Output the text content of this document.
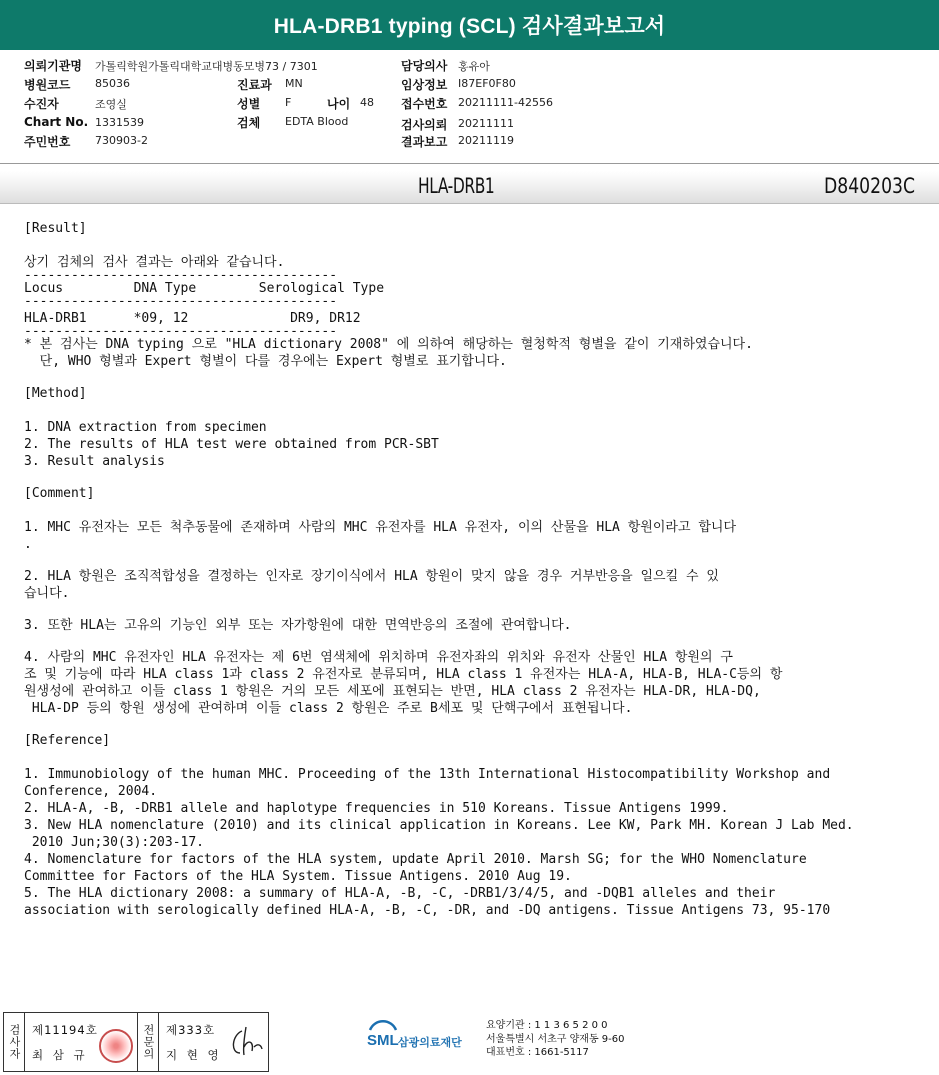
HLA-DRB1 typing (SCL) 검사결과보고서
의뢰기관명 가톨릭학원가톨릭대학교대병동모병73 / 7301
병원코드 85036
수진자	조영실
Chart No. 1331539
주민번호 730903-2
진료과 MN
성별 F	나이 48
검체 EDTA Blood
담당의사 홍유아
임상정보 I87EF0F80
접수번호 20211111-42556
검사의뢰 20211111
결과보고 20211119
HLA-DRB1	D840203C
[Result]
상기 검체의 검사 결과는 아래와 같습니다.
----------------------------------------
Locus         DNA Type        Serological Type
----------------------------------------
HLA-DRB1      *09, 12             DR9, DR12
----------------------------------------
* 본 검사는 DNA typing 으로 "HLA dictionary 2008" 에 의하여 해당하는 혈청학적 형별을 같이 기재하였습니다.
단, WHO 형별과 Expert 형별이 다를 경우에는 Expert 형별로 표기합니다.
[Method]
1. DNA extraction from specimen
2. The results of HLA test were obtained from PCR-SBT
3. Result analysis
[Comment]
1. MHC 유전자는 모든 척추동물에 존재하며 사람의 MHC 유전자를 HLA 유전자, 이의 산물을 HLA 항원이라고 합니다
.
2. HLA 항원은 조직적합성을 결정하는 인자로 장기이식에서 HLA 항원이 맞지 않을 경우 거부반응을 일으킬 수 있
습니다.
3. 또한 HLA는 고유의 기능인 외부 또는 자가항원에 대한 면역반응의 조절에 관여합니다.
4. 사람의 MHC 유전자인 HLA 유전자는 제 6번 염색체에 위치하며 유전자좌의 위치와 유전자 산물인 HLA 항원의 구
조 및 기능에 따라 HLA class 1과 class 2 유전자로 분류되며, HLA class 1 유전자는 HLA-A, HLA-B, HLA-C등의 항
원생성에 관여하고 이들 class 1 항원은 거의 모든 세포에 표현되는 반면, HLA class 2 유전자는 HLA-DR, HLA-DQ,
HLA-DP 등의 항원 생성에 관여하며 이들 class 2 항원은 주로 B세포 및 단핵구에서 표현됩니다.
[Reference]
1. Immunobiology of the human MHC. Proceeding of the 13th International Histocompatibility Workshop and
Conference, 2004.
2. HLA-A, -B, -DRB1 allele and haplotype frequencies in 510 Koreans. Tissue Antigens 1999.
3. New HLA nomenclature (2010) and its clinical application in Koreans. Lee KW, Park MH. Korean J Lab Med.
2010 Jun;30(3):203-17.
4. Nomenclature for factors of the HLA system, update April 2010. Marsh SG; for the WHO Nomenclature
Committee for Factors of the HLA System. Tissue Antigens. 2010 Aug 19.
5. The HLA dictionary 2008: a summary of HLA-A, -B, -C, -DRB1/3/4/5, and -DQB1 alleles and their
association with serologically defined HLA-A, -B, -C, -DR, and -DQ antigens. Tissue Antigens 73, 95-170
검사자 제11194호
최 삼 규	전문의 제333호
지 현 영
SML 삼광의료재단
요양기관 : 1 1 3 6 5 2 0 0
서울특별시 서초구 양재동 9-60
대표번호 : 1661-5117
